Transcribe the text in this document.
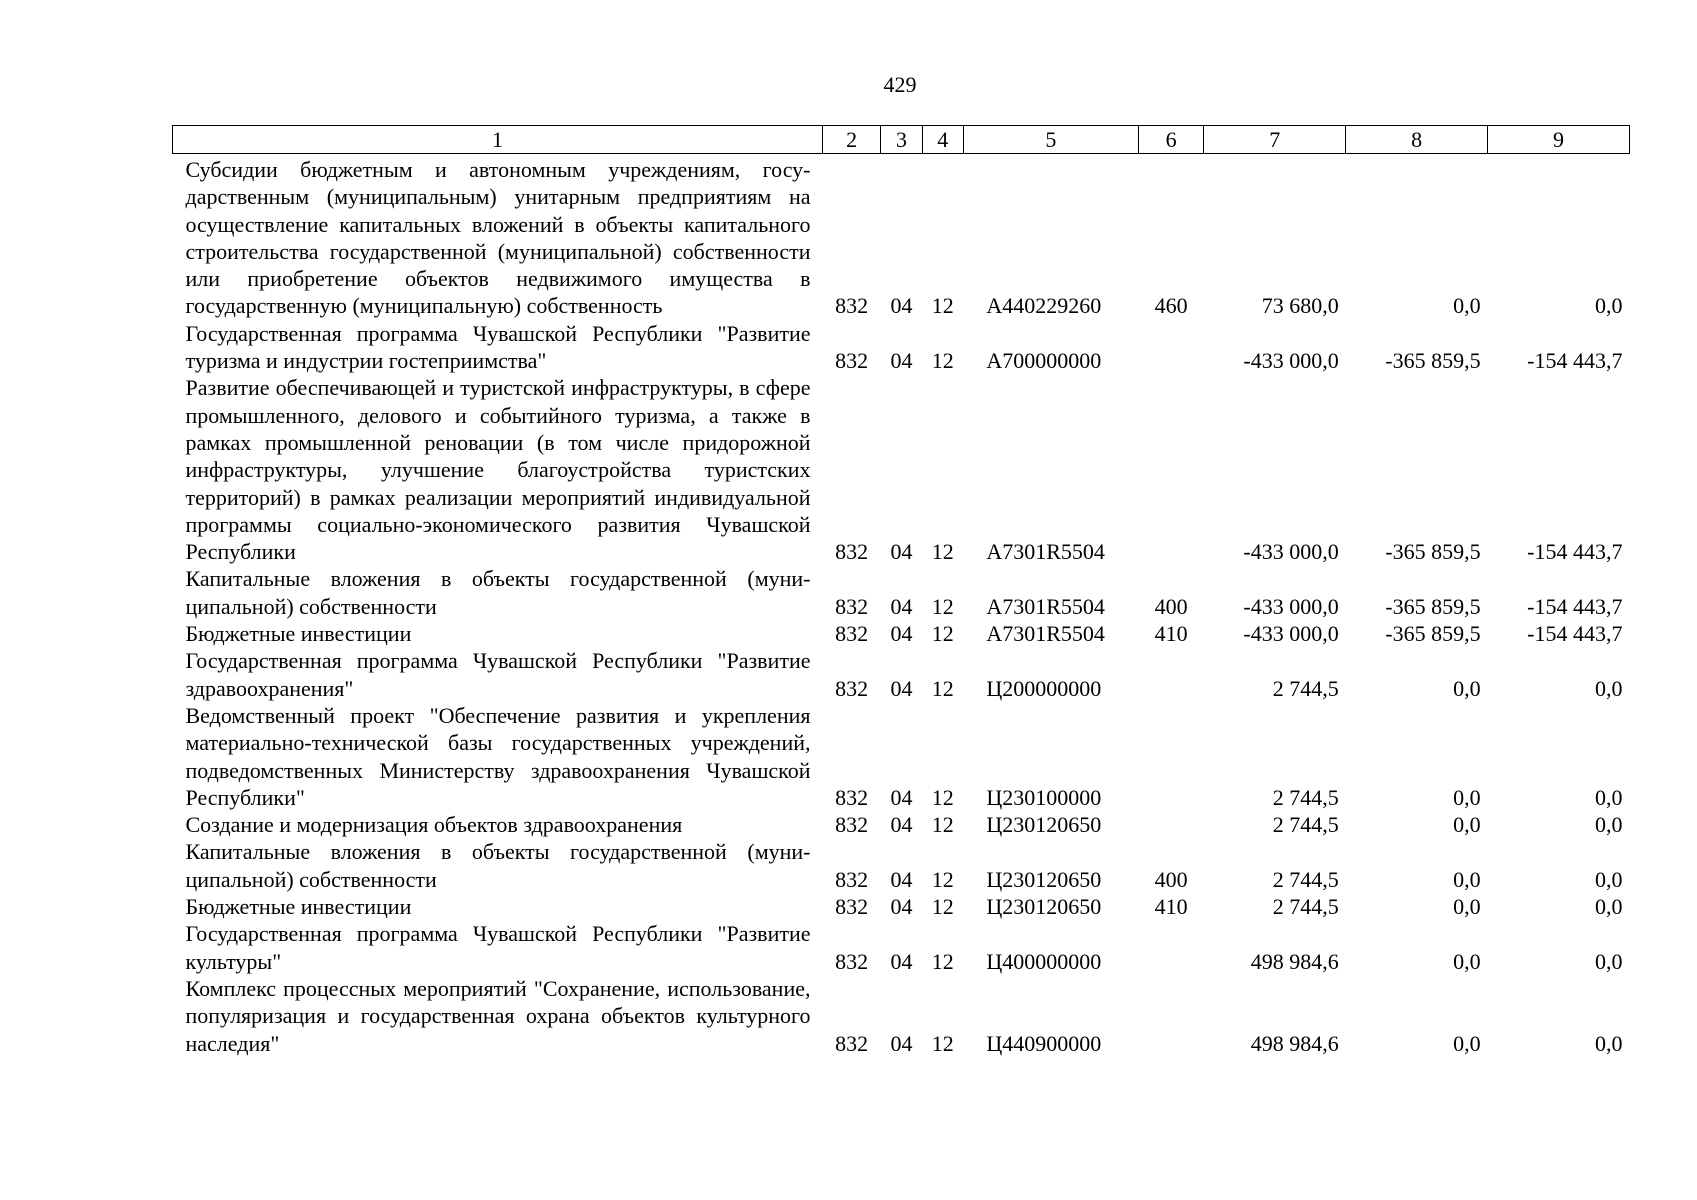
429
1	2	3	4	5	6	7	8	9
Субсидии бюджетным и автономным учреждениям, государственным (муниципальным) унитарным предприятиям на осуществление капитальных вложений в объекты капитального строительства государственной (муниципальной) собственности или приобретение объектов недвижимого имущества в государственную (муниципальную) собственность	832	04	12	А440229260	460	73 680,0	0,0	0,0
Государственная программа Чувашской Республики "Развитие туризма и индустрии гостеприимства"	832	04	12	А700000000		-433 000,0	-365 859,5	-154 443,7
Развитие обеспечивающей и туристской инфраструктуры, в сфере промышленного, делового и событийного туризма, а также в рамках промышленной реновации (в том числе придорожной инфраструктуры, улучшение благоустройства туристских территорий) в рамках реализации мероприятий индивидуальной программы социально-экономического развития Чувашской Республики	832	04	12	А7301R5504		-433 000,0	-365 859,5	-154 443,7
Капитальные вложения в объекты государственной (муниципальной) собственности	832	04	12	А7301R5504	400	-433 000,0	-365 859,5	-154 443,7
Бюджетные инвестиции	832	04	12	А7301R5504	410	-433 000,0	-365 859,5	-154 443,7
Государственная программа Чувашской Республики "Развитие здравоохранения"	832	04	12	Ц200000000		2 744,5	0,0	0,0
Ведомственный проект "Обеспечение развития и укрепления материально-технической базы государственных учреждений, подведомственных Министерству здравоохранения Чувашской Республики"	832	04	12	Ц230100000		2 744,5	0,0	0,0
Создание и модернизация объектов здравоохранения	832	04	12	Ц230120650		2 744,5	0,0	0,0
Капитальные вложения в объекты государственной (муниципальной) собственности	832	04	12	Ц230120650	400	2 744,5	0,0	0,0
Бюджетные инвестиции	832	04	12	Ц230120650	410	2 744,5	0,0	0,0
Государственная программа Чувашской Республики "Развитие культуры"	832	04	12	Ц400000000		498 984,6	0,0	0,0
Комплекс процессных мероприятий "Сохранение, использование, популяризация и государственная охрана объектов культурного наследия"	832	04	12	Ц440900000		498 984,6	0,0	0,0
